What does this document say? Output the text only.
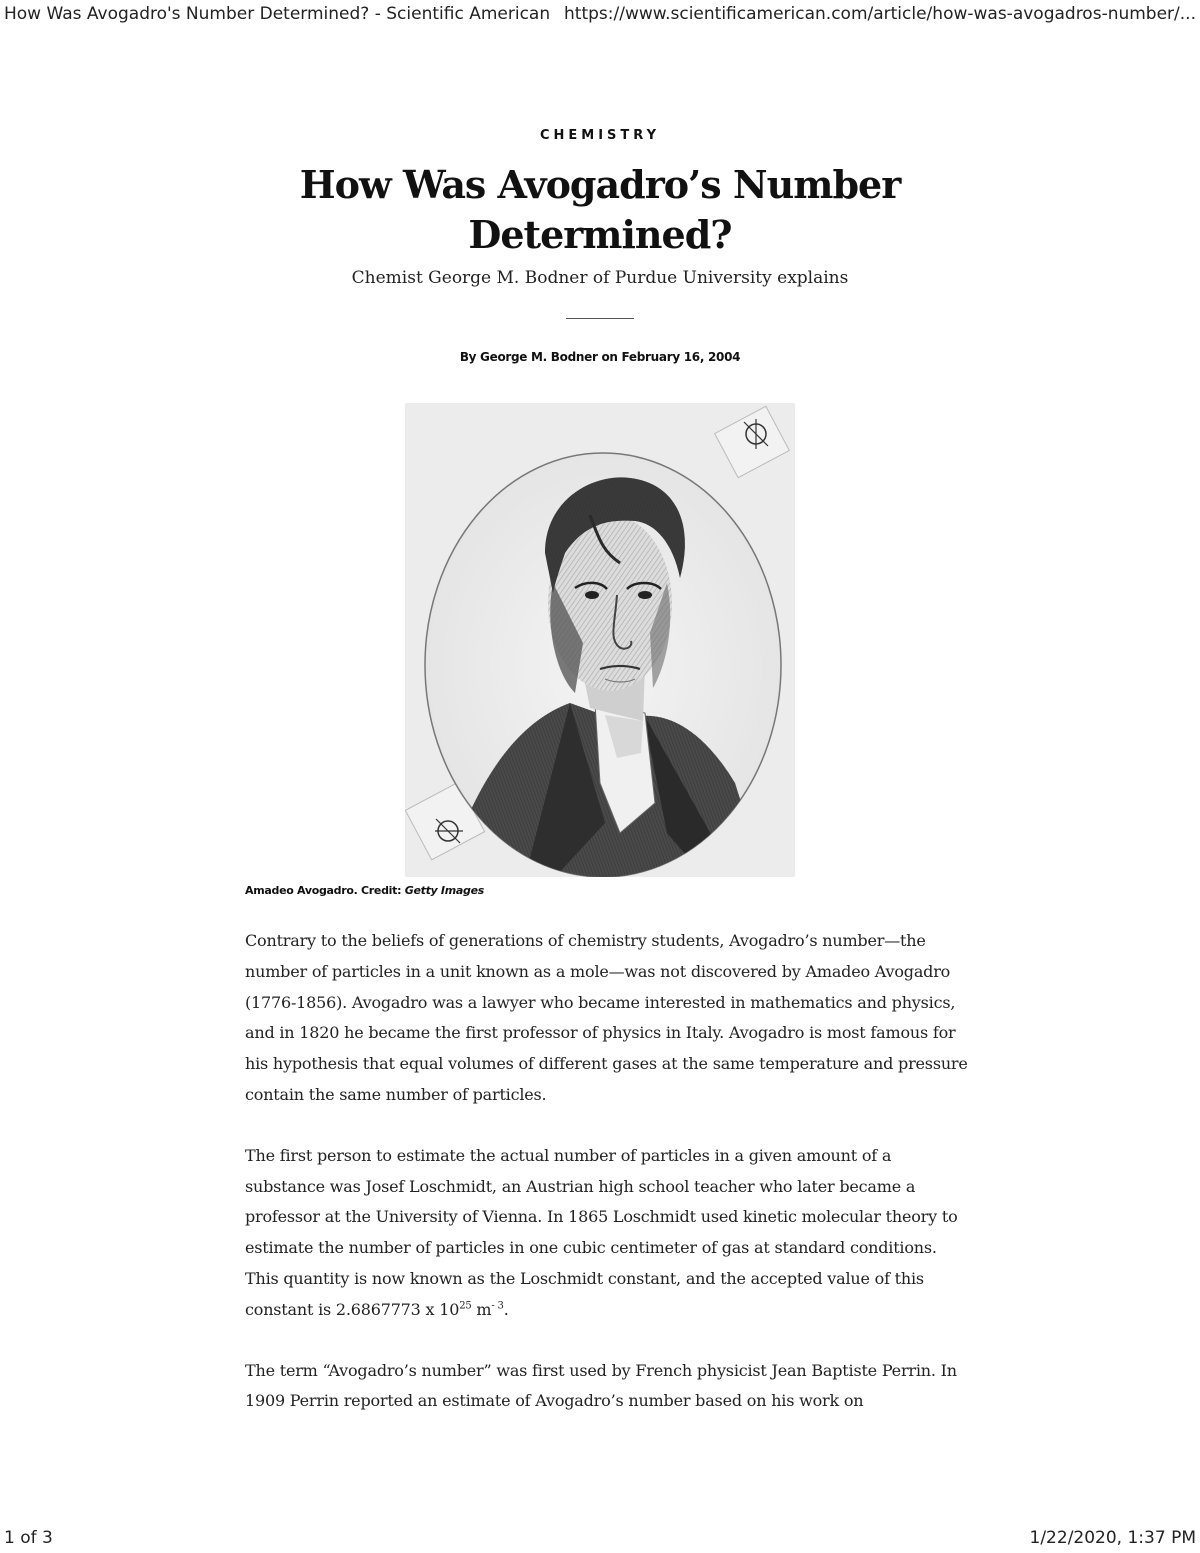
How Was Avogadro's Number Determined? - Scientific American https://www.scientificamerican.com/article/how-was-avogadros-number/...
CHEMISTRY
How Was Avogadro’s Number Determined?
Chemist George M. Bodner of Purdue University explains
By George M. Bodner on February 16, 2004
Amadeo Avogadro. Credit: Getty Images

Contrary to the beliefs of generations of chemistry students, Avogadro’s number—the number of particles in a unit known as a mole—was not discovered by Amadeo Avogadro (1776-1856). Avogadro was a lawyer who became interested in mathematics and physics, and in 1820 he became the first professor of physics in Italy. Avogadro is most famous for his hypothesis that equal volumes of different gases at the same temperature and pressure contain the same number of particles.

The first person to estimate the actual number of particles in a given amount of a substance was Josef Loschmidt, an Austrian high school teacher who later became a professor at the University of Vienna. In 1865 Loschmidt used kinetic molecular theory to estimate the number of particles in one cubic centimeter of gas at standard conditions. This quantity is now known as the Loschmidt constant, and the accepted value of this constant is 2.6867773 x $10^{25}$ $m^{- 3}$.

The term “Avogadro’s number” was first used by French physicist Jean Baptiste Perrin. In 1909 Perrin reported an estimate of Avogadro’s number based on his work on

1 of 3	1/22/2020, 1:37 PM
